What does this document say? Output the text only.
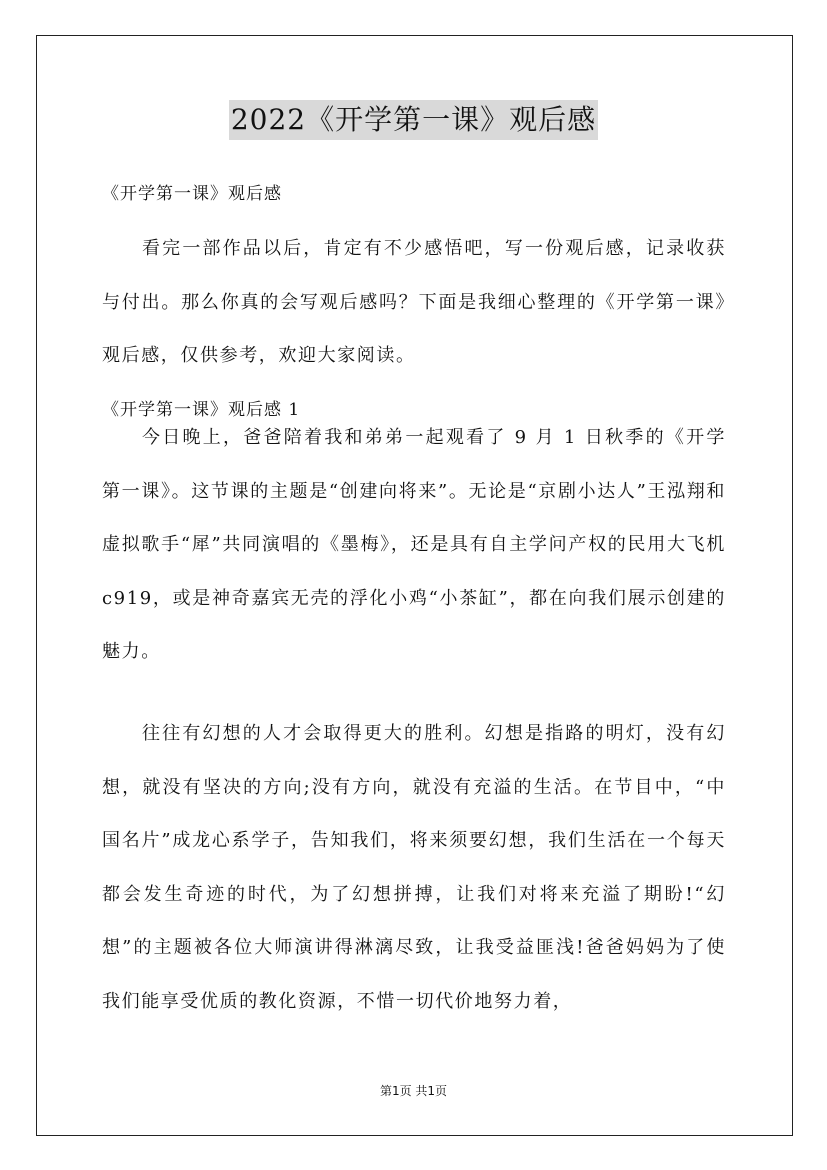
2022《开学第一课》观后感
《开学第一课》观后感

看完一部作品以后，肯定有不少感悟吧，写一份观后感，记录收获与付出。那么你真的会写观后感吗？下面是我细心整理的《开学第一课》观后感，仅供参考，欢迎大家阅读。

《开学第一课》观后感 1

今日晚上，爸爸陪着我和弟弟一起观看了 9 月 1 日秋季的《开学第一课》。这节课的主题是“创建向将来”。无论是“京剧小达人”王泓翔和虚拟歌手“犀”共同演唱的《墨梅》，还是具有自主学问产权的民用大飞机 c919，或是神奇嘉宾无壳的浮化小鸡“小茶缸”，都在向我们展示创建的魅力。

往往有幻想的人才会取得更大的胜利。幻想是指路的明灯，没有幻想，就没有坚决的方向;没有方向，就没有充溢的生活。在节目中，“中国名片”成龙心系学子，告知我们，将来须要幻想，我们生活在一个每天都会发生奇迹的时代，为了幻想拼搏，让我们对将来充溢了期盼!“幻想”的主题被各位大师演讲得淋漓尽致，让我受益匪浅!爸爸妈妈为了使我们能享受优质的教化资源，不惜一切代价地努力着，

第1页 共1页
